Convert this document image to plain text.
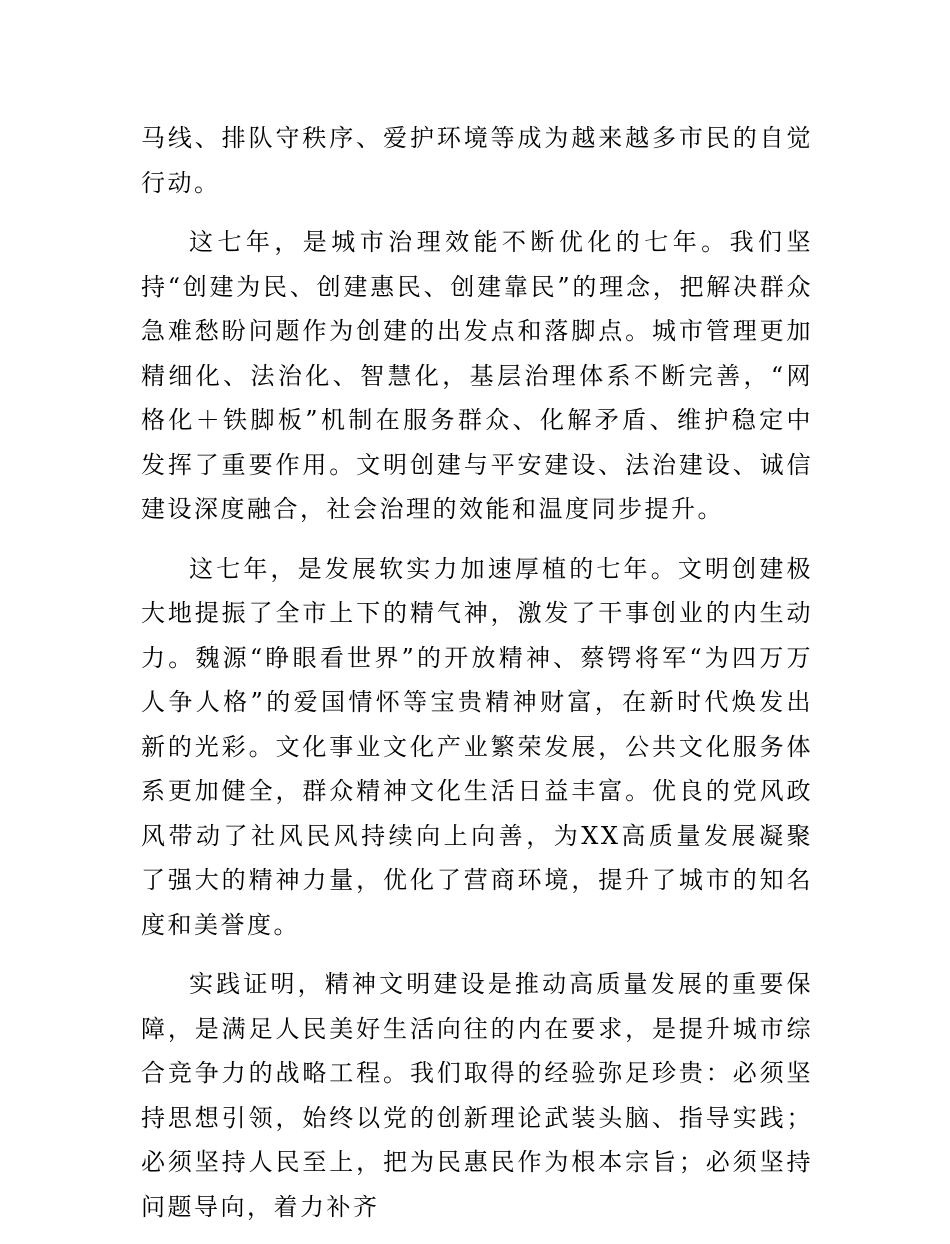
马线、排队守秩序、爱护环境等成为越来越多市民的自觉行动。

这七年，是城市治理效能不断优化的七年。我们坚持“创建为民、创建惠民、创建靠民”的理念，把解决群众急难愁盼问题作为创建的出发点和落脚点。城市管理更加精细化、法治化、智慧化，基层治理体系不断完善，“网格化＋铁脚板”机制在服务群众、化解矛盾、维护稳定中发挥了重要作用。文明创建与平安建设、法治建设、诚信建设深度融合，社会治理的效能和温度同步提升。

这七年，是发展软实力加速厚植的七年。文明创建极大地提振了全市上下的精气神，激发了干事创业的内生动力。魏源“睁眼看世界”的开放精神、蔡锷将军“为四万万人争人格”的爱国情怀等宝贵精神财富，在新时代焕发出新的光彩。文化事业文化产业繁荣发展，公共文化服务体系更加健全，群众精神文化生活日益丰富。优良的党风政风带动了社风民风持续向上向善，为XX高质量发展凝聚了强大的精神力量，优化了营商环境，提升了城市的知名度和美誉度。

实践证明，精神文明建设是推动高质量发展的重要保障，是满足人民美好生活向往的内在要求，是提升城市综合竞争力的战略工程。我们取得的经验弥足珍贵：必须坚持思想引领，始终以党的创新理论武装头脑、指导实践；必须坚持人民至上，把为民惠民作为根本宗旨；必须坚持问题导向，着力补齐
